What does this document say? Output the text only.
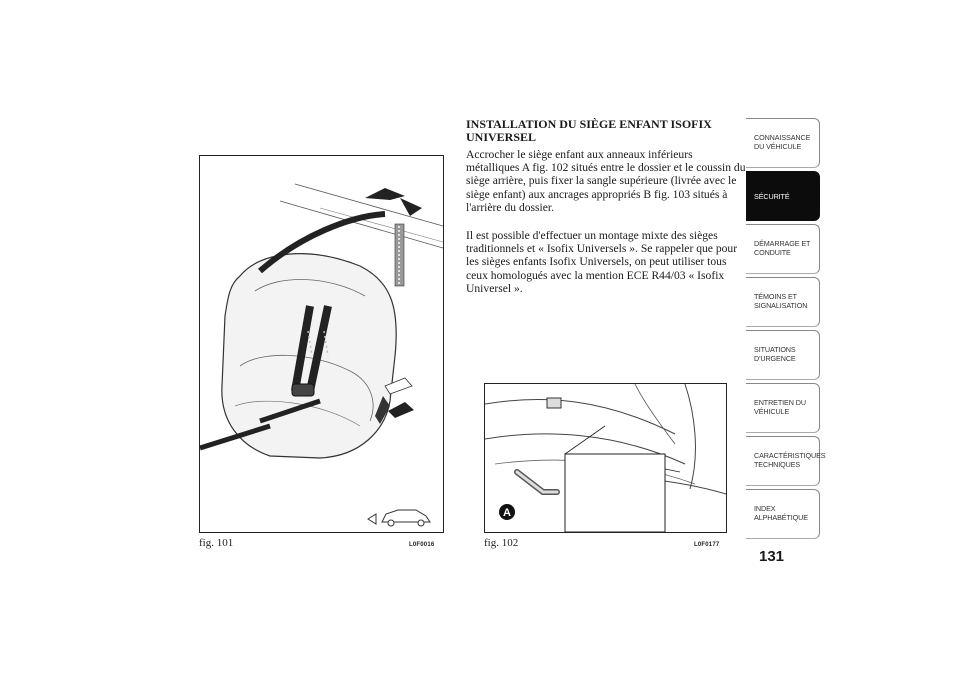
fig. 101	L0F0016
A
fig. 102	L0F0177
INSTALLATION DU SIÈGE ENFANT ISOFIX UNIVERSEL

Accrocher le siège enfant aux anneaux inférieurs métalliques A fig. 102 situés entre le dossier et le coussin du siège arrière, puis fixer la sangle supérieure (livrée avec le siège enfant) aux ancrages appropriés B fig. 103 situés à l'arrière du dossier.

Il est possible d'effectuer un montage mixte des sièges traditionnels et « Isofix Universels ». Se rappeler que pour les sièges enfants Isofix Universels, on peut utiliser tous ceux homologués avec la mention ECE R44/03 « Isofix Universel ».

CONNAISSANCE DU VÉHICULE
SÉCURITÉ
DÉMARRAGE ET CONDUITE
TÉMOINS ET SIGNALISATION
SITUATIONS D'URGENCE
ENTRETIEN DU VÉHICULE
CARACTÉRISTIQUES TECHNIQUES
INDEX ALPHABÉTIQUE
131
